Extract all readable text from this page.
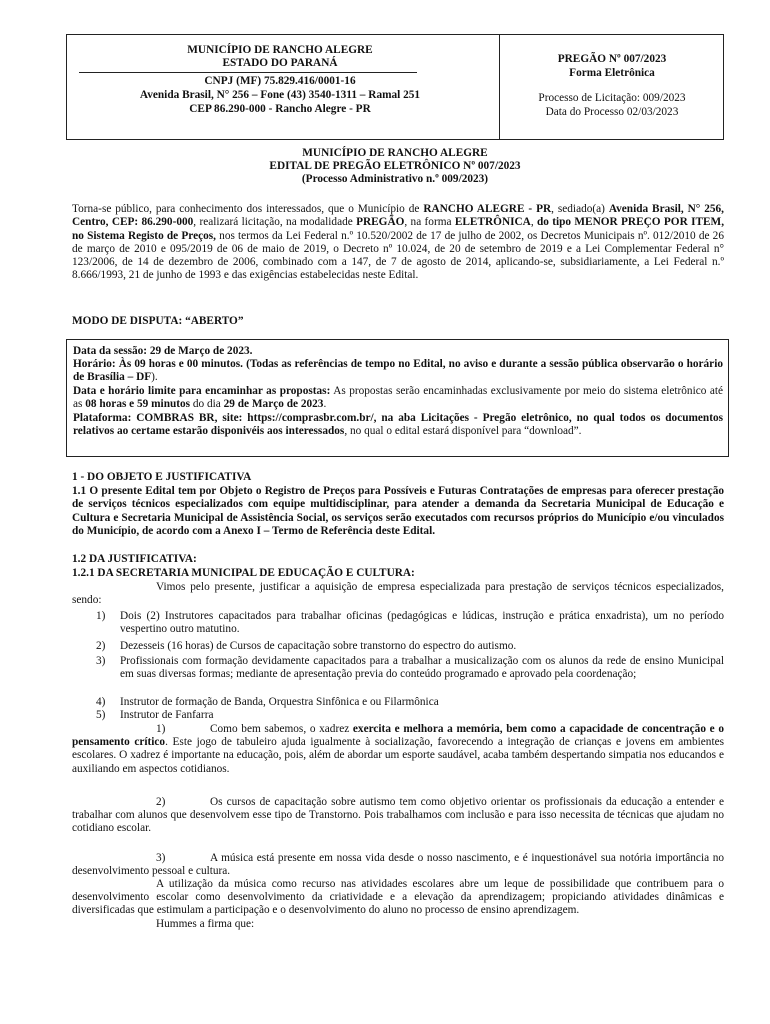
MUNICÍPIO DE RANCHO ALEGRE
ESTADO DO PARANÁ
CNPJ (MF) 75.829.416/0001-16
Avenida Brasil, N° 256 – Fone (43) 3540-1311 – Ramal 251
CEP 86.290-000 - Rancho Alegre - PR
PREGÃO Nº 007/2023
Forma Eletrônica
Processo de Licitação: 009/2023
Data do Processo 02/03/2023
MUNICÍPIO DE RANCHO ALEGRE
EDITAL DE PREGÃO ELETRÔNICO Nº 007/2023
(Processo Administrativo n.º 009/2023)
Torna-se público, para conhecimento dos interessados, que o Município de RANCHO ALEGRE - PR, sediado(a) Avenida Brasil, N° 256, Centro, CEP: 86.290-000, realizará licitação, na modalidade PREGÃO, na forma ELETRÔNICA, do tipo MENOR PREÇO POR ITEM, no Sistema Registo de Preços, nos termos da Lei Federal n.º 10.520/2002 de 17 de julho de 2002, os Decretos Municipais nº. 012/2010 de 26 de março de 2010 e 095/2019 de 06 de maio de 2019, o Decreto nº 10.024, de 20 de setembro de 2019 e a Lei Complementar Federal n° 123/2006, de 14 de dezembro de 2006, combinado com a 147, de 7 de agosto de 2014, aplicando-se, subsidiariamente, a Lei Federal n.º 8.666/1993, 21 de junho de 1993 e das exigências estabelecidas neste Edital.
MODO DE DISPUTA: “ABERTO”
Data da sessão: 29 de Março de 2023.
Horário: Às 09 horas e 00 minutos. (Todas as referências de tempo no Edital, no aviso e durante a sessão pública observarão o horário de Brasília – DF).
Data e horário limite para encaminhar as propostas: As propostas serão encaminhadas exclusivamente por meio do sistema eletrônico até as 08 horas e 59 minutos do dia 29 de Março de 2023.
Plataforma: COMBRAS BR, site: https://comprasbr.com.br/, na aba Licitações - Pregão eletrônico, no qual todos os documentos relativos ao certame estarão disponivéis aos interessados, no qual o edital estará disponível para “download”.
1 - DO OBJETO E JUSTIFICATIVA
1.1 O presente Edital tem por Objeto o Registro de Preços para Possíveis e Futuras Contratações de empresas para oferecer prestação de serviços técnicos especializados com equipe multidisciplinar, para atender a demanda da Secretaria Municipal de Educação e Cultura e Secretaria Municipal de Assistência Social, os serviços serão executados com recursos próprios do Município e/ou vinculados do Município, de acordo com a Anexo I – Termo de Referência deste Edital.
1.2 DA JUSTIFICATIVA:
1.2.1 DA SECRETARIA MUNICIPAL DE EDUCAÇÃO E CULTURA:
Vimos pelo presente, justificar a aquisição de empresa especializada para prestação de serviços técnicos especializados, sendo:
1)	Dois (2) Instrutores capacitados para trabalhar oficinas (pedagógicas e lúdicas, instrução e prática enxadrista), um no período vespertino outro matutino.
2)	Dezesseis (16 horas) de Cursos de capacitação sobre transtorno do espectro do autismo.
3)	Profissionais com formação devidamente capacitados para a trabalhar a musicalização com os alunos da rede de ensino Municipal em suas diversas formas; mediante de apresentação previa do conteúdo programado e aprovado pela coordenação;
4)	Instrutor de formação de Banda, Orquestra Sinfônica e ou Filarmônica
5)	Instrutor de Fanfarra
1)	Como bem sabemos, o xadrez exercita e melhora a memória, bem como a capacidade de concentração e o pensamento crítico. Este jogo de tabuleiro ajuda igualmente à socialização, favorecendo a integração de crianças e jovens em ambientes escolares. O xadrez é importante na educação, pois, além de abordar um esporte saudável, acaba também despertando simpatia nos educandos e auxiliando em aspectos cotidianos.
2)	Os cursos de capacitação sobre autismo tem como objetivo orientar os profissionais da educação a entender e trabalhar com alunos que desenvolvem esse tipo de Transtorno. Pois trabalhamos com inclusão e para isso necessita de técnicas que ajudam no cotidiano escolar.
3)	A música está presente em nossa vida desde o nosso nascimento, e é inquestionável sua notória importância no desenvolvimento pessoal e cultura.
A utilização da música como recurso nas atividades escolares abre um leque de possibilidade que contribuem para o desenvolvimento escolar como desenvolvimento da criatividade e a elevação da aprendizagem; propiciando atividades dinâmicas e diversificadas que estimulam a participação e o desenvolvimento do aluno no processo de ensino aprendizagem.
Hummes a firma que:
